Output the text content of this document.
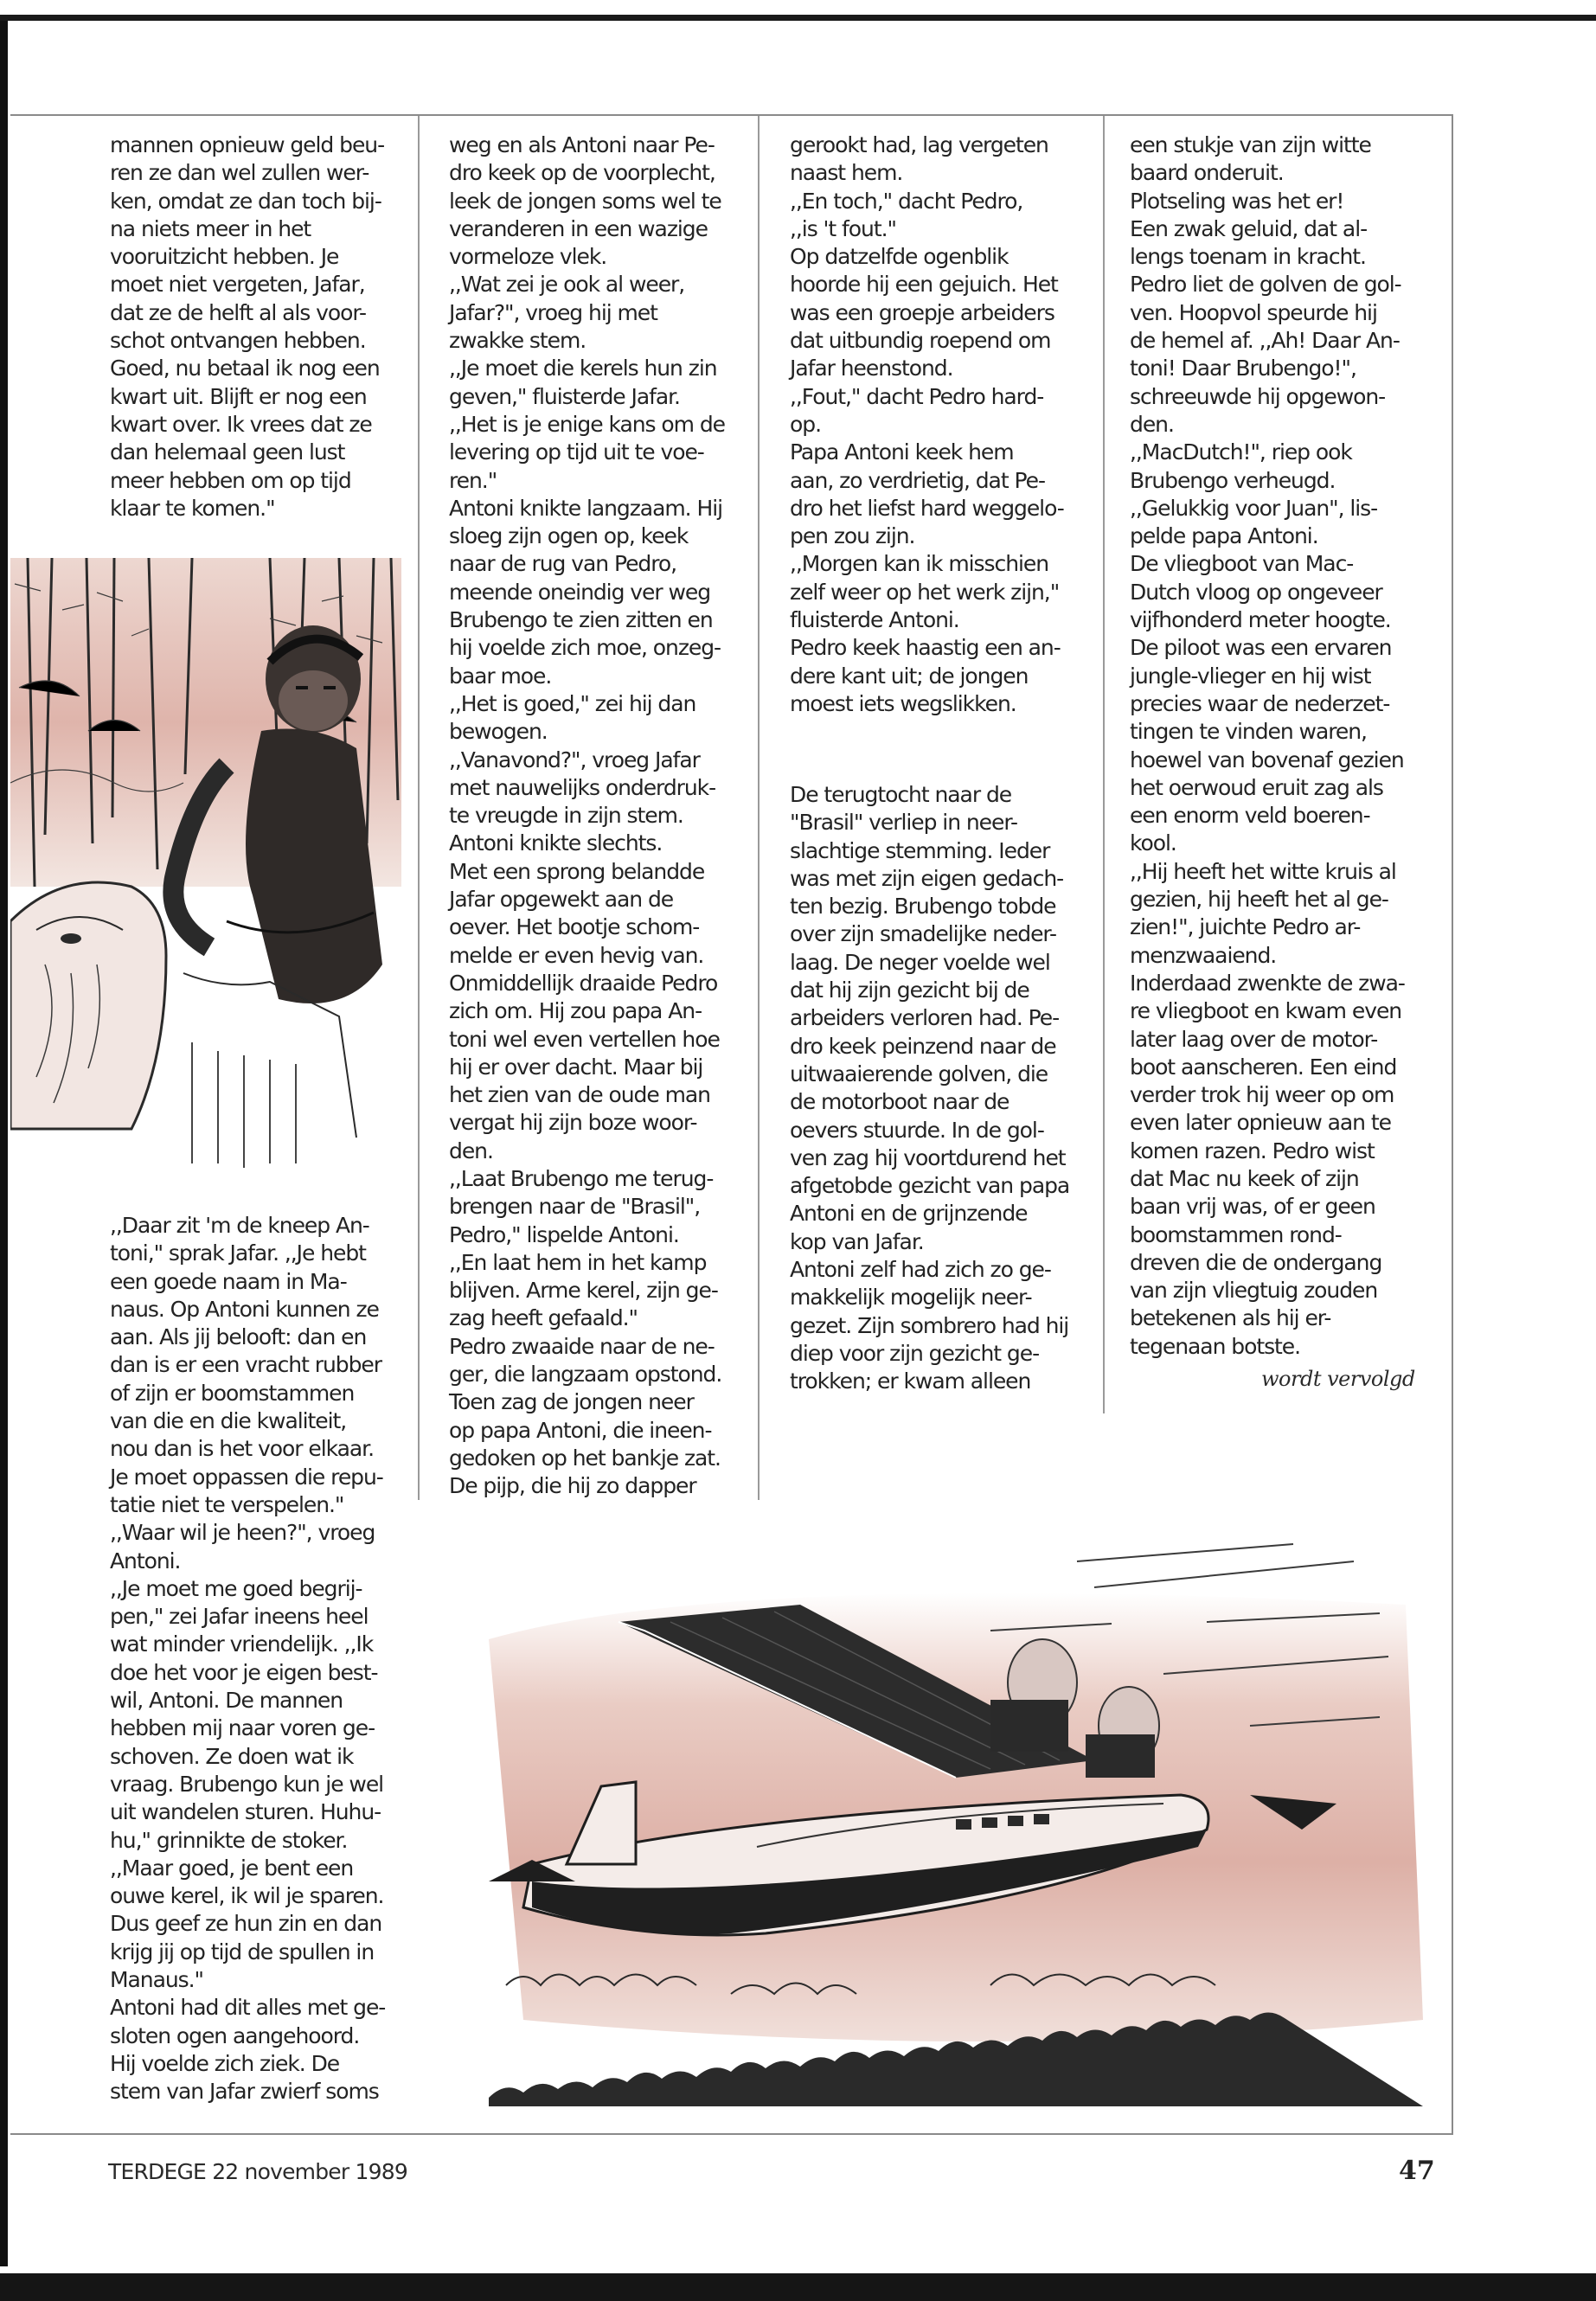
mannen opnieuw geld beu-
ren ze dan wel zullen wer-
ken, omdat ze dan toch bij-
na niets meer in het
vooruitzicht hebben. Je
moet niet vergeten, Jafar,
dat ze de helft al als voor-
schot ontvangen hebben.
Goed, nu betaal ik nog een
kwart uit. Blijft er nog een
kwart over. Ik vrees dat ze
dan helemaal geen lust
meer hebben om op tijd
klaar te komen."
,,Daar zit 'm de kneep An-
toni," sprak Jafar. ,,Je hebt
een goede naam in Ma-
naus. Op Antoni kunnen ze
aan. Als jij belooft: dan en
dan is er een vracht rubber
of zijn er boomstammen
van die en die kwaliteit,
nou dan is het voor elkaar.
Je moet oppassen die repu-
tatie niet te verspelen."
,,Waar wil je heen?", vroeg
Antoni.
,,Je moet me goed begrij-
pen," zei Jafar ineens heel
wat minder vriendelijk. ,,Ik
doe het voor je eigen best-
wil, Antoni. De mannen
hebben mij naar voren ge-
schoven. Ze doen wat ik
vraag. Brubengo kun je wel
uit wandelen sturen. Huhu-
hu," grinnikte de stoker.
,,Maar goed, je bent een
ouwe kerel, ik wil je sparen.
Dus geef ze hun zin en dan
krijg jij op tijd de spullen in
Manaus."
Antoni had dit alles met ge-
sloten ogen aangehoord.
Hij voelde zich ziek. De
stem van Jafar zwierf soms
weg en als Antoni naar Pe-
dro keek op de voorplecht,
leek de jongen soms wel te
veranderen in een wazige
vormeloze vlek.
,,Wat zei je ook al weer,
Jafar?", vroeg hij met
zwakke stem.
,,Je moet die kerels hun zin
geven," fluisterde Jafar.
,,Het is je enige kans om de
levering op tijd uit te voe-
ren."
Antoni knikte langzaam. Hij
sloeg zijn ogen op, keek
naar de rug van Pedro,
meende oneindig ver weg
Brubengo te zien zitten en
hij voelde zich moe, onzeg-
baar moe.
,,Het is goed," zei hij dan
bewogen.
,,Vanavond?", vroeg Jafar
met nauwelijks onderdruk-
te vreugde in zijn stem.
Antoni knikte slechts.
Met een sprong belandde
Jafar opgewekt aan de
oever. Het bootje schom-
melde er even hevig van.
Onmiddellijk draaide Pedro
zich om. Hij zou papa An-
toni wel even vertellen hoe
hij er over dacht. Maar bij
het zien van de oude man
vergat hij zijn boze woor-
den.
,,Laat Brubengo me terug-
brengen naar de "Brasil",
Pedro," lispelde Antoni.
,,En laat hem in het kamp
blijven. Arme kerel, zijn ge-
zag heeft gefaald."
Pedro zwaaide naar de ne-
ger, die langzaam opstond.
Toen zag de jongen neer
op papa Antoni, die ineen-
gedoken op het bankje zat.
De pijp, die hij zo dapper
gerookt had, lag vergeten
naast hem.
,,En toch," dacht Pedro,
,,is 't fout."
Op datzelfde ogenblik
hoorde hij een gejuich. Het
was een groepje arbeiders
dat uitbundig roepend om
Jafar heenstond.
,,Fout," dacht Pedro hard-
op.
Papa Antoni keek hem
aan, zo verdrietig, dat Pe-
dro het liefst hard weggelo-
pen zou zijn.
,,Morgen kan ik misschien
zelf weer op het werk zijn,"
fluisterde Antoni.
Pedro keek haastig een an-
dere kant uit; de jongen
moest iets wegslikken.
De terugtocht naar de
"Brasil" verliep in neer-
slachtige stemming. Ieder
was met zijn eigen gedach-
ten bezig. Brubengo tobde
over zijn smadelijke neder-
laag. De neger voelde wel
dat hij zijn gezicht bij de
arbeiders verloren had. Pe-
dro keek peinzend naar de
uitwaaierende golven, die
de motorboot naar de
oevers stuurde. In de gol-
ven zag hij voortdurend het
afgetobde gezicht van papa
Antoni en de grijnzende
kop van Jafar.
Antoni zelf had zich zo ge-
makkelijk mogelijk neer-
gezet. Zijn sombrero had hij
diep voor zijn gezicht ge-
trokken; er kwam alleen
een stukje van zijn witte
baard onderuit.
Plotseling was het er!
Een zwak geluid, dat al-
lengs toenam in kracht.
Pedro liet de golven de gol-
ven. Hoopvol speurde hij
de hemel af. ,,Ah! Daar An-
toni! Daar Brubengo!",
schreeuwde hij opgewon-
den.
,,MacDutch!", riep ook
Brubengo verheugd.
,,Gelukkig voor Juan", lis-
pelde papa Antoni.
De vliegboot van Mac-
Dutch vloog op ongeveer
vijfhonderd meter hoogte.
De piloot was een ervaren
jungle-vlieger en hij wist
precies waar de nederzet-
tingen te vinden waren,
hoewel van bovenaf gezien
het oerwoud eruit zag als
een enorm veld boeren-
kool.
,,Hij heeft het witte kruis al
gezien, hij heeft het al ge-
zien!", juichte Pedro ar-
menzwaaiend.
Inderdaad zwenkte de zwa-
re vliegboot en kwam even
later laag over de motor-
boot aanscheren. Een eind
verder trok hij weer op om
even later opnieuw aan te
komen razen. Pedro wist
dat Mac nu keek of zijn
baan vrij was, of er geen
boomstammen rond-
dreven die de ondergang
van zijn vliegtuig zouden
betekenen als hij er-
tegenaan botste.
wordt vervolgd
TERDEGE 22 november 1989	47
